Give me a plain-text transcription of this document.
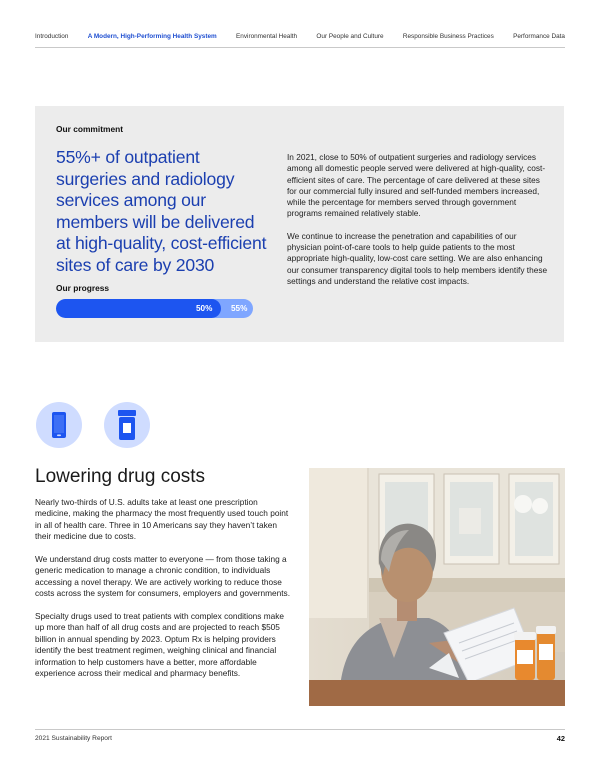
Introduction	A Modern, High-Performing Health System	Environmental Health	Our People and Culture	Responsible Business Practices	Performance Data
Our commitment
55%+ of outpatient surgeries and radiology services among our members will be delivered at high-quality, cost-efficient sites of care by 2030
Our progress
50% 55%

In 2021, close to 50% of outpatient surgeries and radiology services among all domestic people served were delivered at high-quality, cost-efficient sites of care. The percentage of care delivered at these sites for our commercial fully insured and self-funded members increased, while the percentage for members served through government programs remained relatively stable.

We continue to increase the penetration and capabilities of our physician point-of-care tools to help guide patients to the most appropriate high-quality, low-cost care setting. We are also enhancing our consumer transparency digital tools to help members identify these settings and understand the relative cost impacts.

Lowering drug costs

Nearly two-thirds of U.S. adults take at least one prescription medicine, making the pharmacy the most frequently used touch point in all of health care. Three in 10 Americans say they haven’t taken their medicine due to costs.

We understand drug costs matter to everyone — from those taking a generic medication to manage a chronic condition, to individuals accessing a novel therapy. We are actively working to reduce those costs across the system for consumers, employers and governments.

Specialty drugs used to treat patients with complex conditions make up more than half of all drug costs and are projected to reach $505 billion in annual spending by 2023. Optum Rx is helping providers identify the best treatment regimen, weighing clinical and financial information to help customers have a better, more affordable experience across their medical and pharmacy benefits.

2021 Sustainability Report	42
